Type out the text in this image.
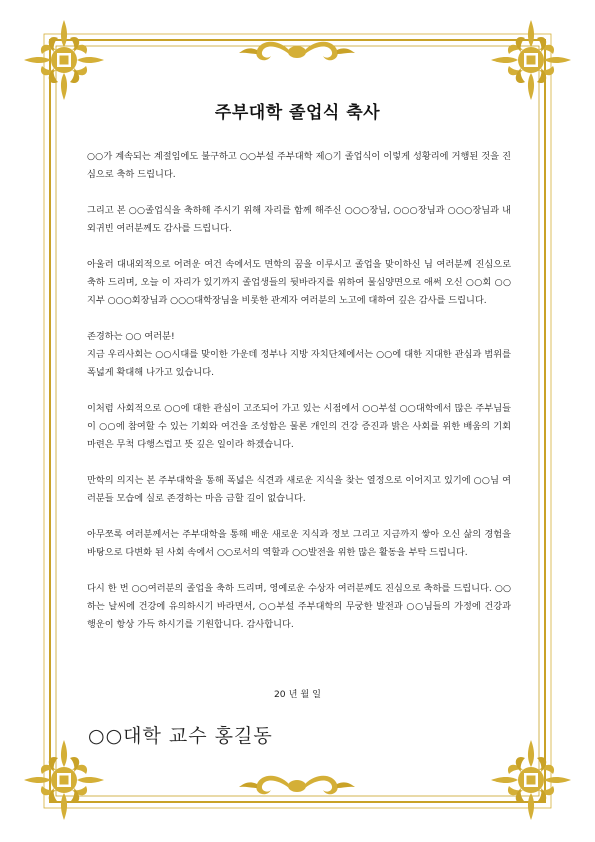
주부대학 졸업식 축사

○○가 계속되는 계절임에도 불구하고 ○○부설 주부대학 제○기 졸업식이 이렇게 성황리에 거행된 것을 진심으로 축하 드립니다.

그리고 본 ○○졸업식을 축하해 주시기 위해 자리를 함께 해주신 ○○○장님, ○○○장님과 ○○○장님과 내외귀빈 여러분께도 감사를 드립니다.

아울러 대내외적으로 어려운 여건 속에서도 면학의 꿈을 이루시고 졸업을 맞이하신 님 여러분께 진심으로 축하 드리며, 오늘 이 자리가 있기까지 졸업생들의 뒷바라지를 위하여 물심양면으로 애써 오신 ○○회 ○○지부 ○○○회장님과 ○○○대학장님을 비롯한 관계자 여러분의 노고에 대하여 깊은 감사를 드립니다.

존경하는 ○○ 여러분!
지금 우리사회는 ○○시대를 맞이한 가운데 정부나 지방 자치단체에서는 ○○에 대한 지대한 관심과 범위를 폭넓게 확대해 나가고 있습니다.

이처럼 사회적으로 ○○에 대한 관심이 고조되어 가고 있는 시점에서 ○○부설 ○○대학에서 많은 주부님들이 ○○에 참여할 수 있는 기회와 여건을 조성함은 물론 개인의 건강 증진과 밝은 사회를 위한 배움의 기회 마련은 무척 다행스럽고 뜻 깊은 일이라 하겠습니다.

만학의 의지는 본 주부대학을 통해 폭넓은 식견과 새로운 지식을 찾는 열정으로 이어지고 있기에 ○○님 여러분들 모습에 실로 존경하는 마음 금할 길이 없습니다.

아무쪼록 여러분께서는 주부대학을 통해 배운 새로운 지식과 정보 그리고 지금까지 쌓아 오신 삶의 경험을 바탕으로 다변화 된 사회 속에서 ○○로서의 역할과 ○○발전을 위한 많은 활동을 부탁 드립니다.

다시 한 번 ○○여러분의 졸업을 축하 드리며, 영예로운 수상자 여러분께도 진심으로 축하를 드립니다. ○○하는 날씨에 건강에 유의하시기 바라면서, ○○부설 주부대학의 무궁한 발전과 ○○님들의 가정에 건강과 행운이 항상 가득 하시기를 기원합니다. 감사합니다.

20 년 월 일
○○대학 교수 홍길동
